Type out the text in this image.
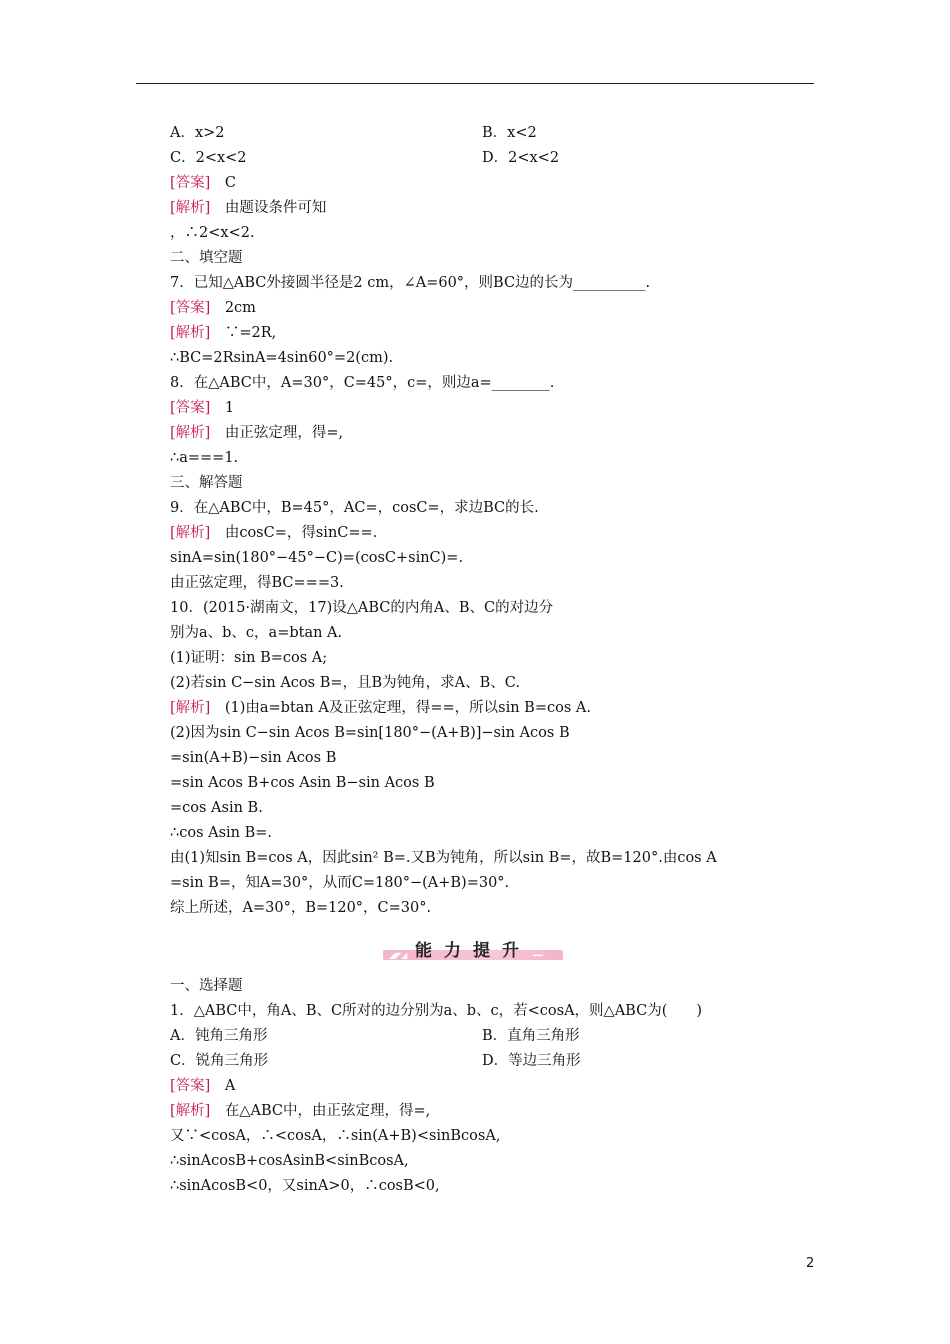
A．x>2	B．x<2
C．2<x<2	D．2<x<2
[答案]　C
[解析]　由题设条件可知
，∴2<x<2.
二、填空题
7．已知△ABC外接圆半径是2 cm，∠A=60°，则BC边的长为__________.
[答案]　2cm
[解析]　∵=2R,
∴BC=2RsinA=4sin60°=2(cm).
8．在△ABC中，A=30°，C=45°，c=，则边a=________.
[答案]　1
[解析]　由正弦定理，得=,
∴a===1.
三、解答题
9．在△ABC中，B=45°，AC=，cosC=，求边BC的长.
[解析]　由cosC=，得sinC==.
sinA=sin(180°−45°−C)=(cosC+sinC)=.
由正弦定理，得BC===3.
10．(2015·湖南文，17)设△ABC的内角A、B、C的对边分
别为a、b、c，a=btan A.
(1)证明：sin B=cos A;
(2)若sin C−sin Acos B=，且B为钝角，求A、B、C.
[解析]　(1)由a=btan A及正弦定理，得==，所以sin B=cos A.
(2)因为sin C−sin Acos B=sin[180°−(A+B)]−sin Acos B
=sin(A+B)−sin Acos B
=sin Acos B+cos Asin B−sin Acos B
=cos Asin B.
∴cos Asin B=.
由(1)知sin B=cos A，因此sin² B=.又B为钝角，所以sin B=，故B=120°.由cos A
=sin B=，知A=30°，从而C=180°−(A+B)=30°.
综上所述，A=30°，B=120°，C=30°.
◢◤◢	━━
能力提升
一、选择题
1．△ABC中，角A、B、C所对的边分别为a、b、c，若<cosA，则△ABC为(　　)
A．钝角三角形	B．直角三角形
C．锐角三角形	D．等边三角形
[答案]　A
[解析]　在△ABC中，由正弦定理，得=,
又∵<cosA，∴<cosA，∴sin(A+B)<sinBcosA,
∴sinAcosB+cosAsinB<sinBcosA,
∴sinAcosB<0，又sinA>0，∴cosB<0,
2
